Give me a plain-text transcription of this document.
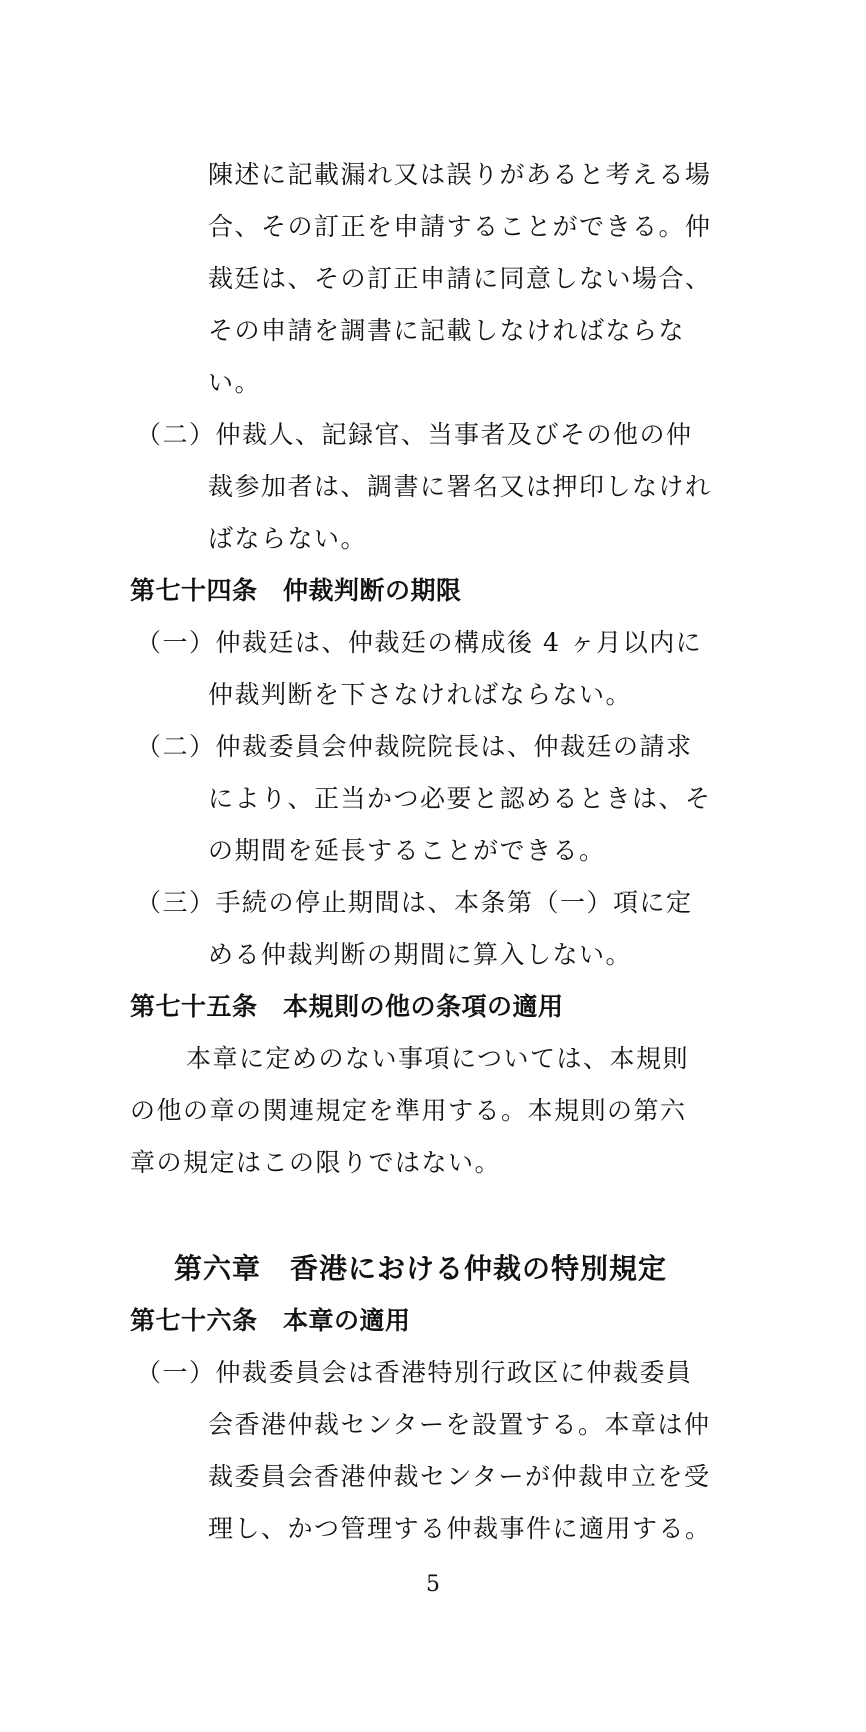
陳述に記載漏れ又は誤りがあると考える場
合、その訂正を申請することができる。仲
裁廷は、その訂正申請に同意しない場合、
その申請を調書に記載しなければならな
い。
（二）仲裁人、記録官、当事者及びその他の仲
裁参加者は、調書に署名又は押印しなけれ
ばならない。
第七十四条　仲裁判断の期限
（一）仲裁廷は、仲裁廷の構成後 4 ヶ月以内に
仲裁判断を下さなければならない。
（二）仲裁委員会仲裁院院長は、仲裁廷の請求
により、正当かつ必要と認めるときは、そ
の期間を延長することができる。
（三）手続の停止期間は、本条第（一）項に定
める仲裁判断の期間に算入しない。
第七十五条　本規則の他の条項の適用
本章に定めのない事項については、本規則
の他の章の関連規定を準用する。本規則の第六
章の規定はこの限りではない。
第六章　香港における仲裁の特別規定
第七十六条　本章の適用
（一）仲裁委員会は香港特別行政区に仲裁委員
会香港仲裁センターを設置する。本章は仲
裁委員会香港仲裁センターが仲裁申立を受
理し、かつ管理する仲裁事件に適用する。
5
